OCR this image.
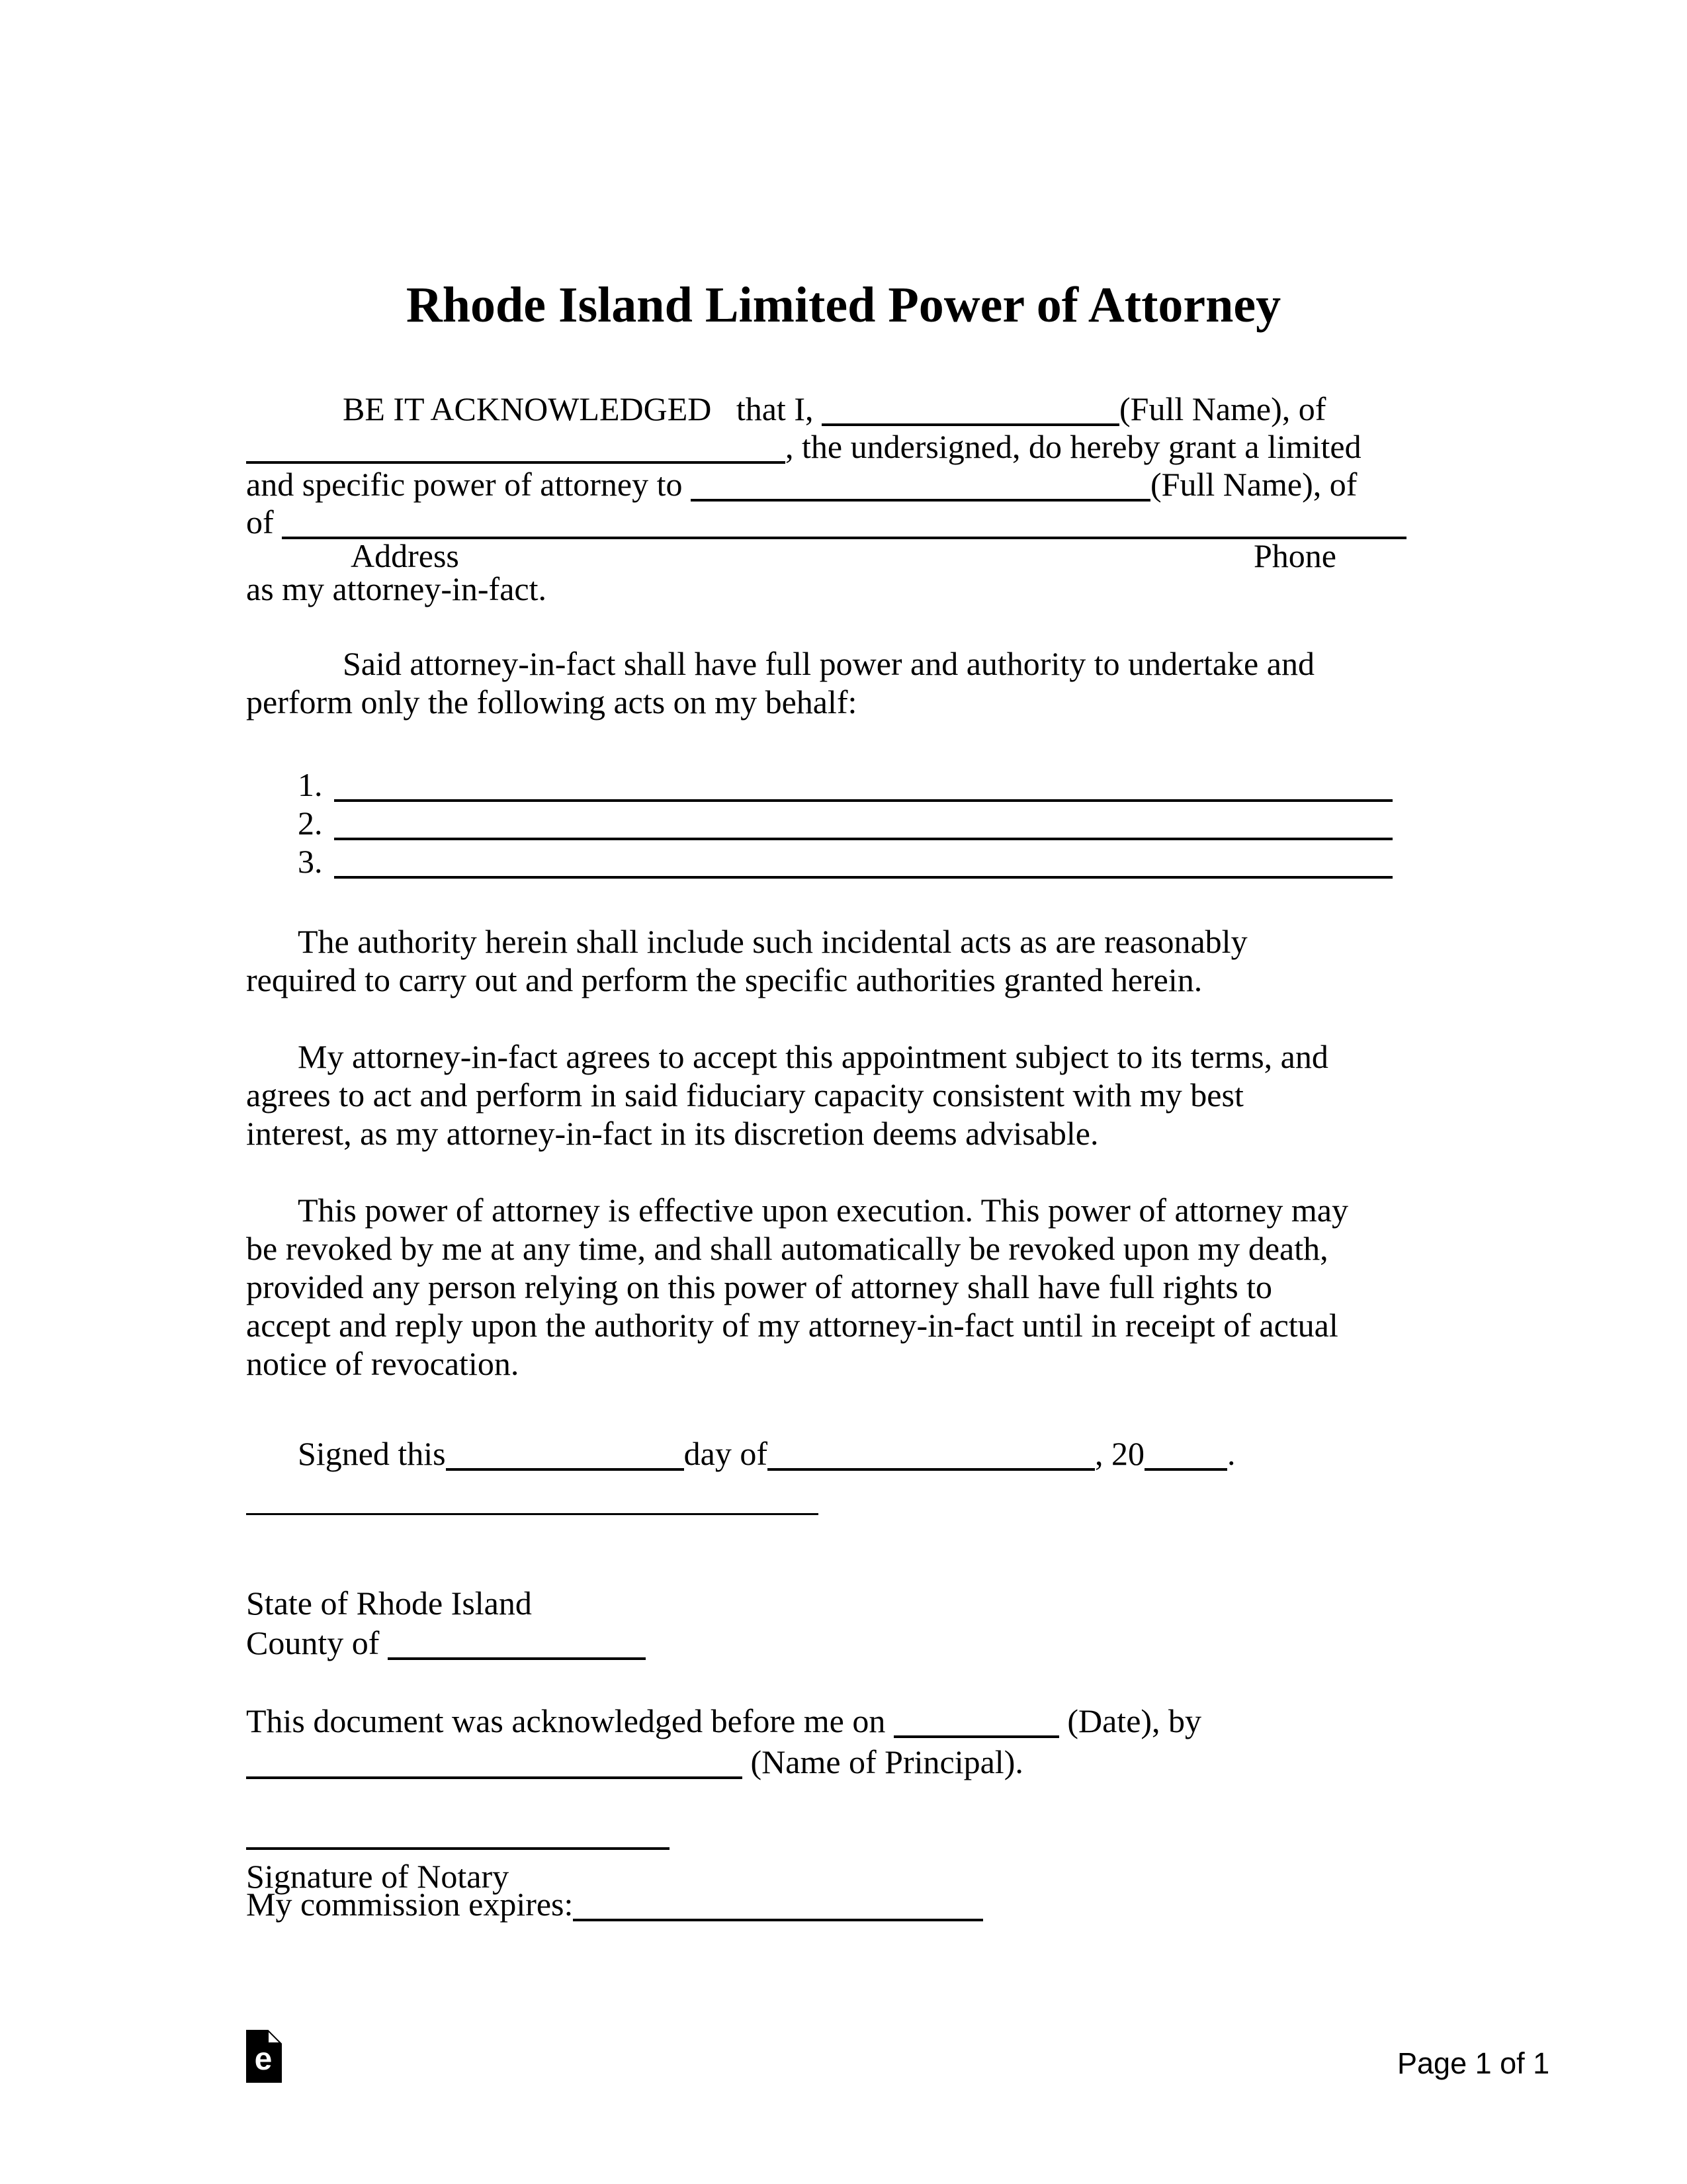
Rhode Island Limited Power of Attorney
BE IT ACKNOWLEDGED   that I,	(Full Name), of
, the undersigned, do hereby grant a limited
and specific power of attorney to	(Full Name), of
of
Address	Phone
as my attorney-in-fact.
Said attorney-in-fact shall have full power and authority to undertake and
perform only the following acts on my behalf:
1.
2.
3.
The authority herein shall include such incidental acts as are reasonably
required to carry out and perform the specific authorities granted herein.
My attorney-in-fact agrees to accept this appointment subject to its terms, and
agrees to act and perform in said fiduciary capacity consistent with my best
interest, as my attorney-in-fact in its discretion deems advisable.
This power of attorney is effective upon execution. This power of attorney may
be revoked by me at any time, and shall automatically be revoked upon my death,
provided any person relying on this power of attorney shall have full rights to
accept and reply upon the authority of my attorney-in-fact until in receipt of actual
notice of revocation.
Signed this	day of	, 20	.
State of Rhode Island
County of
This document was acknowledged before me on	(Date), by
(Name of Principal).
Signature of Notary
My commission expires:
e	Page 1 of 1
